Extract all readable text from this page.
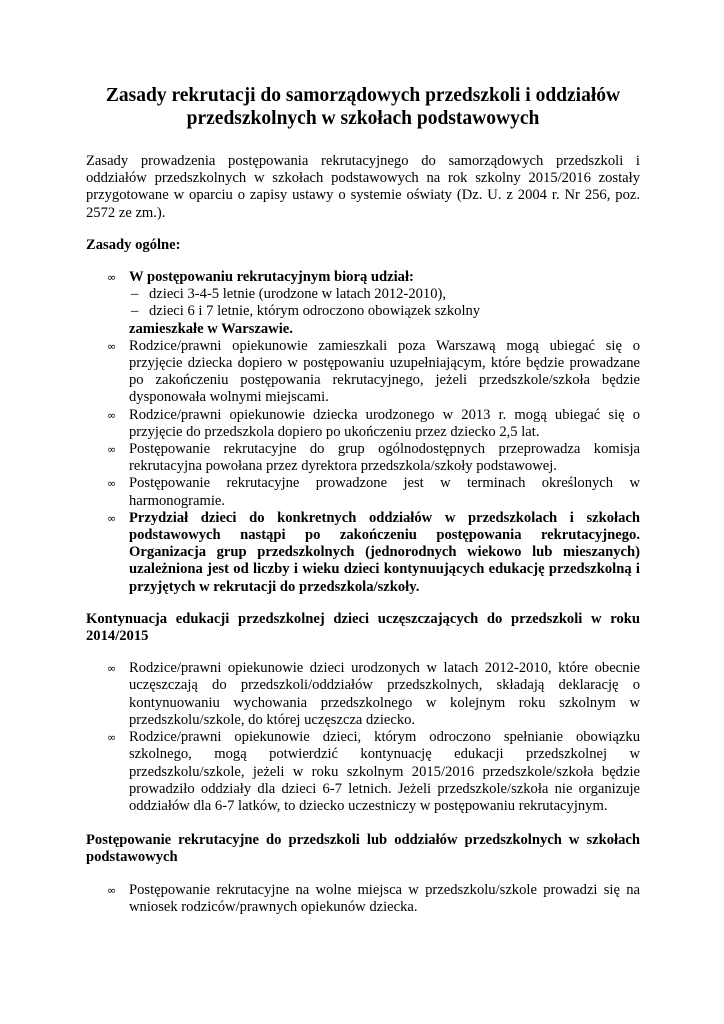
Zasady rekrutacji do samorządowych przedszkoli i oddziałów
przedszkolnych w szkołach podstawowych

Zasady prowadzenia postępowania rekrutacyjnego do samorządowych przedszkoli i oddziałów przedszkolnych w szkołach podstawowych na rok szkolny 2015/2016 zostały przygotowane w oparciu o zapisy ustawy o systemie oświaty (Dz. U. z 2004 r. Nr 256, poz. 2572 ze zm.).

Zasady ogólne:
∞ W postępowaniu rekrutacyjnym biorą udział:
– dzieci 3-4-5 letnie (urodzone w latach 2012-2010),
– dzieci 6 i 7 letnie, którym odroczono obowiązek szkolny
zamieszkałe w Warszawie.
∞ Rodzice/prawni opiekunowie zamieszkali poza Warszawą mogą ubiegać się o przyjęcie dziecka dopiero w postępowaniu uzupełniającym, które będzie prowadzane po zakończeniu postępowania rekrutacyjnego, jeżeli przedszkole/szkoła będzie dysponowała wolnymi miejscami.
∞ Rodzice/prawni opiekunowie dziecka urodzonego w 2013 r. mogą ubiegać się o przyjęcie do przedszkola dopiero po ukończeniu przez dziecko 2,5 lat.
∞ Postępowanie rekrutacyjne do grup ogólnodostępnych przeprowadza komisja rekrutacyjna powołana przez dyrektora przedszkola/szkoły podstawowej.
∞ Postępowanie rekrutacyjne prowadzone jest w terminach określonych w harmonogramie.
∞ Przydział dzieci do konkretnych oddziałów w przedszkolach i szkołach podstawowych nastąpi po zakończeniu postępowania rekrutacyjnego. Organizacja grup przedszkolnych (jednorodnych wiekowo lub mieszanych) uzależniona jest od liczby i wieku dzieci kontynuujących edukację przedszkolną i przyjętych w rekrutacji do przedszkola/szkoły.
Kontynuacja edukacji przedszkolnej dzieci uczęszczających do przedszkoli w roku 2014/2015
∞ Rodzice/prawni opiekunowie dzieci urodzonych w latach 2012-2010, które obecnie uczęszczają do przedszkoli/oddziałów przedszkolnych, składają deklarację o kontynuowaniu wychowania przedszkolnego w kolejnym roku szkolnym w przedszkolu/szkole, do której uczęszcza dziecko.
∞ Rodzice/prawni opiekunowie dzieci, którym odroczono spełnianie obowiązku szkolnego, mogą potwierdzić kontynuację edukacji przedszkolnej w przedszkolu/szkole, jeżeli w roku szkolnym 2015/2016 przedszkole/szkoła będzie prowadziło oddziały dla dzieci 6-7 letnich. Jeżeli przedszkole/szkoła nie organizuje oddziałów dla 6-7 latków, to dziecko uczestniczy w postępowaniu rekrutacyjnym.
Postępowanie rekrutacyjne do przedszkoli lub oddziałów przedszkolnych w szkołach podstawowych
∞ Postępowanie rekrutacyjne na wolne miejsca w przedszkolu/szkole prowadzi się na wniosek rodziców/prawnych opiekunów dziecka.
